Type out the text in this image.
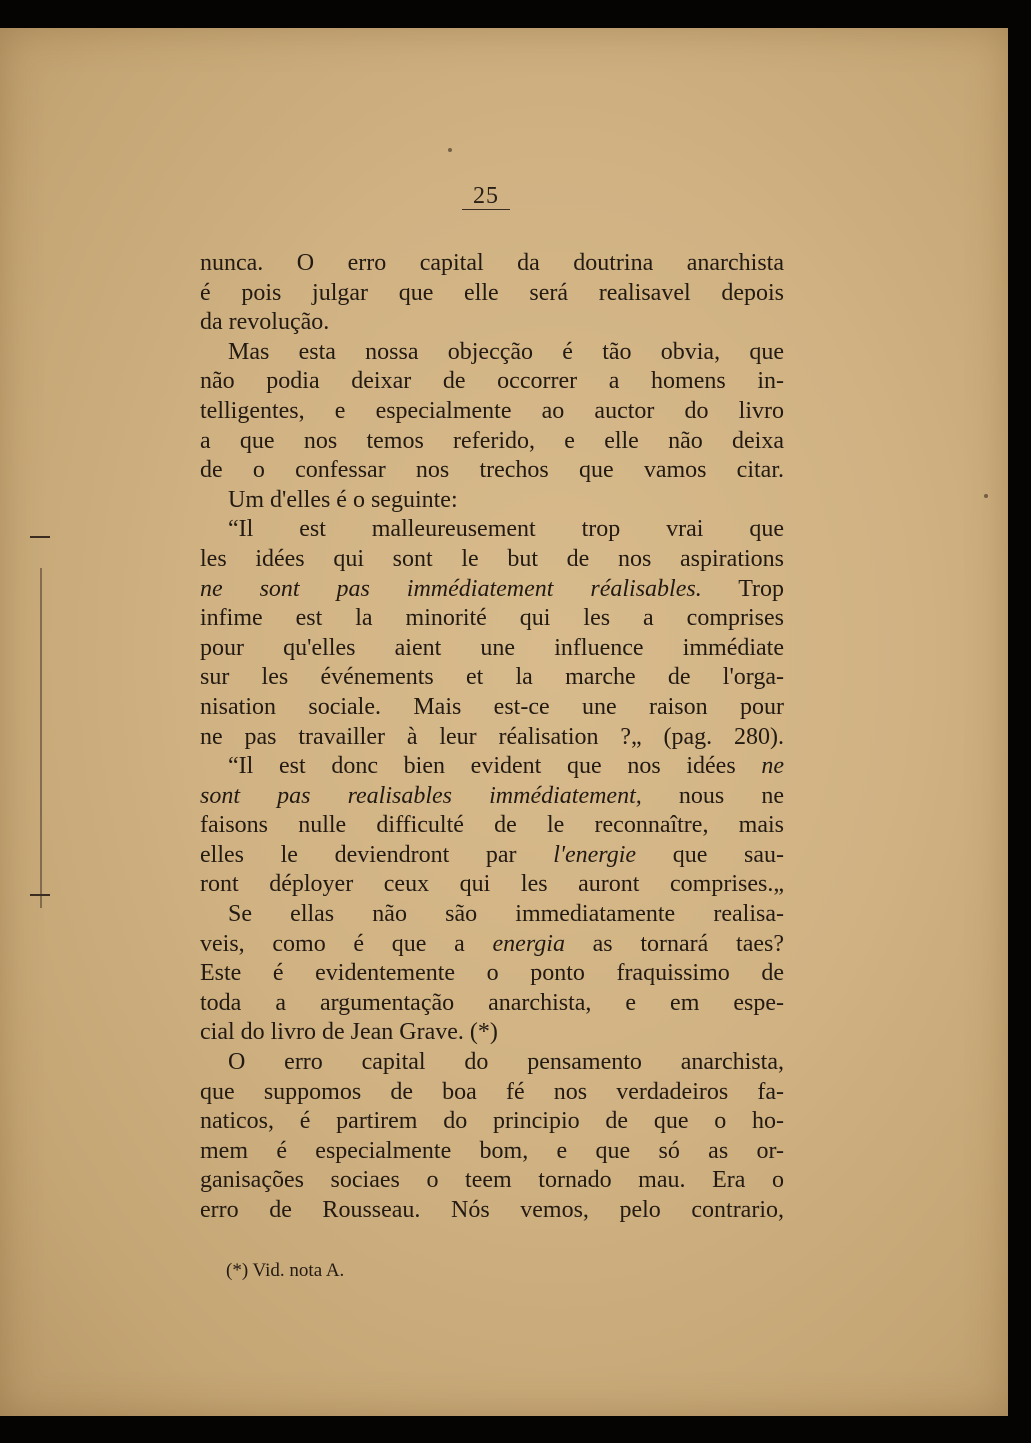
25
nunca. O erro capital da doutrina anarchista
é pois julgar que elle será realisavel depois
da revolução.
Mas esta nossa objecção é tão obvia, que
não podia deixar de occorrer a homens in-
telligentes, e especialmente ao auctor do livro
a que nos temos referido, e elle não deixa
de o confessar nos trechos que vamos citar.
Um d'elles é o seguinte:
“Il est malleureusement trop vrai que
les idées qui sont le but de nos aspirations
ne sont pas immédiatement réalisables. Trop
infime est la minorité qui les a comprises
pour qu'elles aient une influence immédiate
sur les événements et la marche de l'orga-
nisation sociale. Mais est-ce une raison pour
ne pas travailler à leur réalisation ?„ (pag. 280).
“Il est donc bien evident que nos idées ne
sont pas realisables immédiatement, nous ne
faisons nulle difficulté de le reconnaître, mais
elles le deviendront par l'energie que sau-
ront déployer ceux qui les auront comprises.„
Se ellas não são immediatamente realisa-
veis, como é que a energia as tornará taes?
Este é evidentemente o ponto fraquissimo de
toda a argumentação anarchista, e em espe-
cial do livro de Jean Grave. (*)
O erro capital do pensamento anarchista,
que suppomos de boa fé nos verdadeiros fa-
naticos, é partirem do principio de que o ho-
mem é especialmente bom, e que só as or-
ganisações sociaes o teem tornado mau. Era o
erro de Rousseau. Nós vemos, pelo contrario,
(*) Vid. nota A.
